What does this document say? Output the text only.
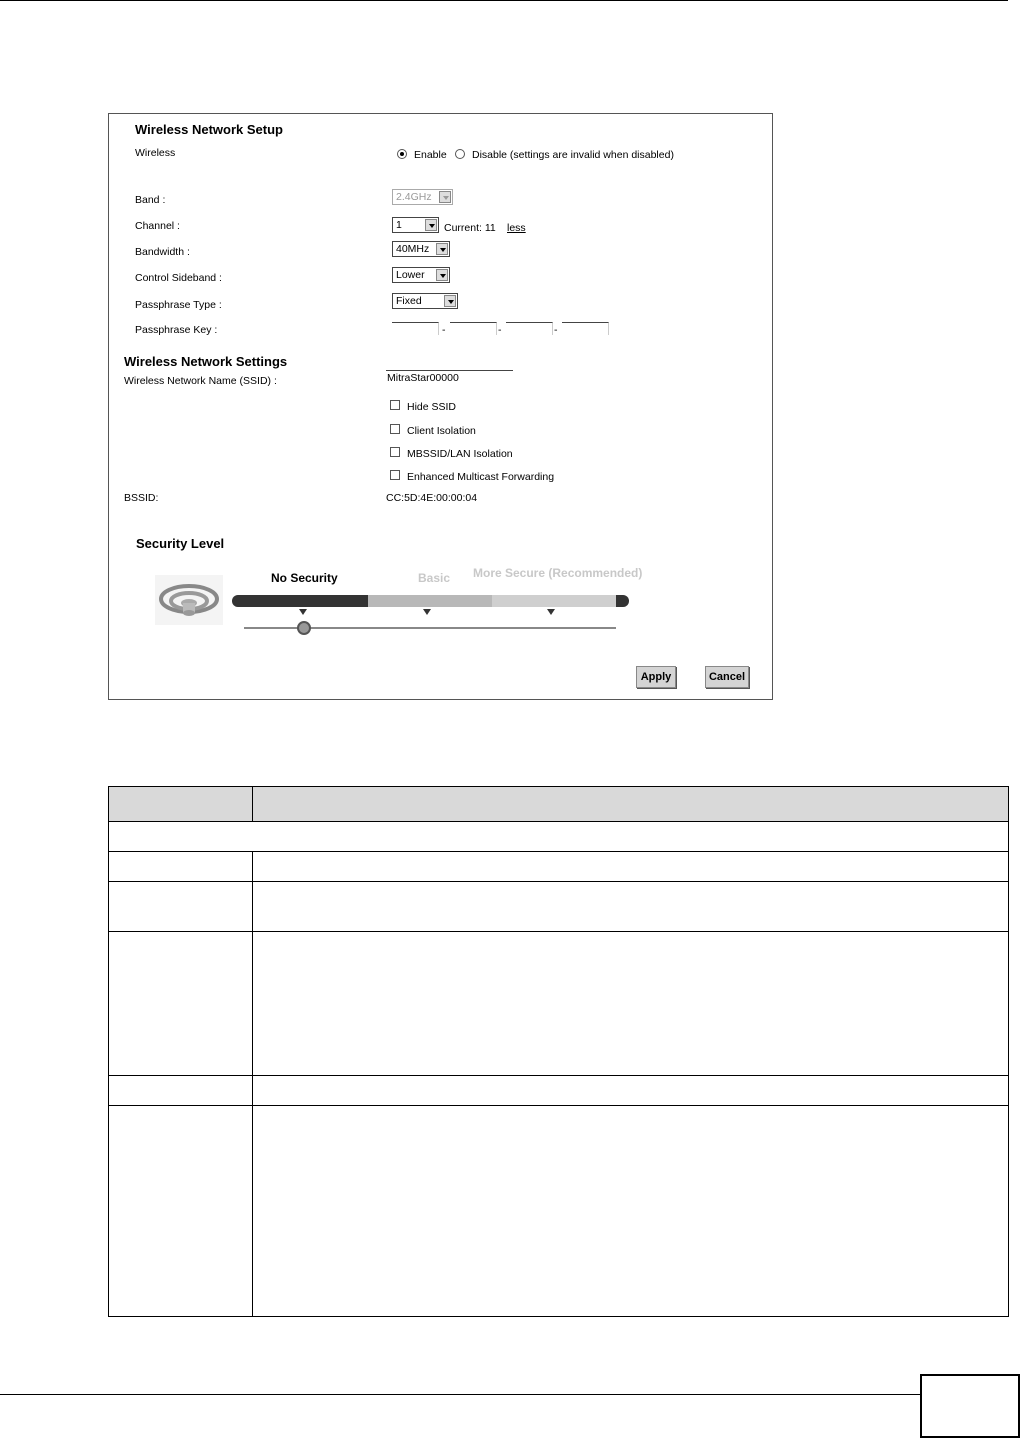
Wireless Network Setup
Wireless	Enable Disable (settings are invalid when disabled)
Band :	2.4GHz
Channel :	1	Current: 11 less
Bandwidth :	40MHz
Control Sideband :	Lower
Passphrase Type :	Fixed
Passphrase Key :	-	-	-
Wireless Network Settings
Wireless Network Name (SSID) :	MitraStar00000
Hide SSID
Client Isolation
MBSSID/LAN Isolation
Enhanced Multicast Forwarding
BSSID:	CC:5D:4E:00:00:04
Security Level
No Security	Basic More Secure (Recommended)
Apply	Cancel
